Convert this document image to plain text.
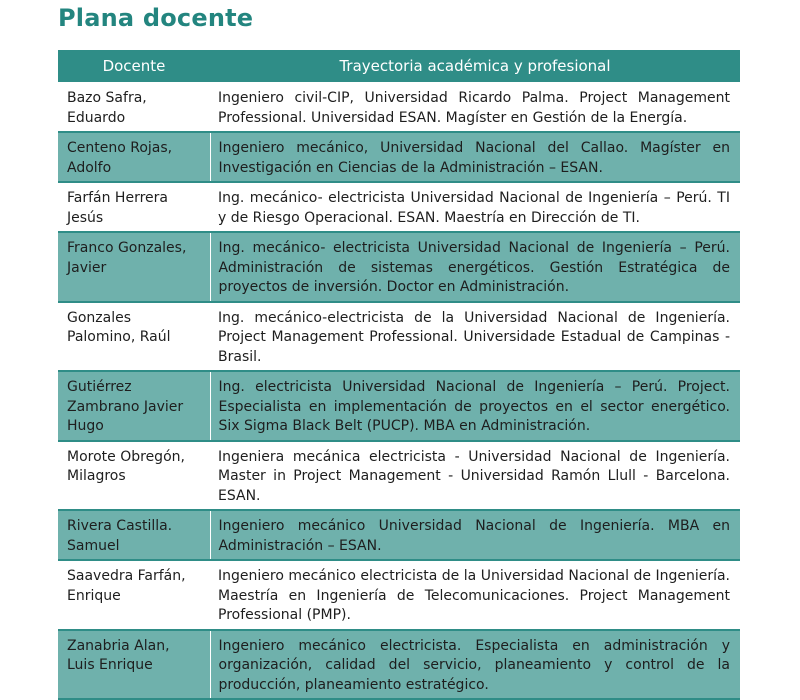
Plana docente
Docente	Trayectoria académica y profesional
Bazo Safra, Eduardo	Ingeniero civil-CIP, Universidad Ricardo Palma. Project Management Professional. Universidad ESAN. Magíster en Gestión de la Energía.
Centeno Rojas, Adolfo	Ingeniero mecánico, Universidad Nacional del Callao. Magíster en Investigación en Ciencias de la Administración – ESAN.
Farfán Herrera Jesús	Ing. mecánico- electricista Universidad Nacional de Ingeniería – Perú. TI y de Riesgo Operacional. ESAN. Maestría en Dirección de TI.
Franco Gonzales, Javier	Ing. mecánico- electricista Universidad Nacional de Ingeniería – Perú. Administración de sistemas energéticos. Gestión Estratégica de proyectos de inversión. Doctor en Administración.
Gonzales Palomino, Raúl	Ing. mecánico-electricista de la Universidad Nacional de Ingeniería. Project Management Professional. Universidade Estadual de Campinas - Brasil.
Gutiérrez Zambrano Javier Hugo	Ing. electricista Universidad Nacional de Ingeniería – Perú. Project. Especialista en implementación de proyectos en el sector energético. Six Sigma Black Belt (PUCP). MBA en Administración.
Morote Obregón, Milagros	Ingeniera mecánica electricista - Universidad Nacional de Ingeniería. Master in Project Management - Universidad Ramón Llull - Barcelona. ESAN.
Rivera Castilla. Samuel	Ingeniero mecánico Universidad Nacional de Ingeniería. MBA en Administración – ESAN.
Saavedra Farfán, Enrique	Ingeniero mecánico electricista de la Universidad Nacional de Ingeniería. Maestría en Ingeniería de Telecomunicaciones. Project Management Professional (PMP).
Zanabria Alan, Luis Enrique	Ingeniero mecánico electricista. Especialista en administración y organización, calidad del servicio, planeamiento y control de la producción, planeamiento estratégico.
